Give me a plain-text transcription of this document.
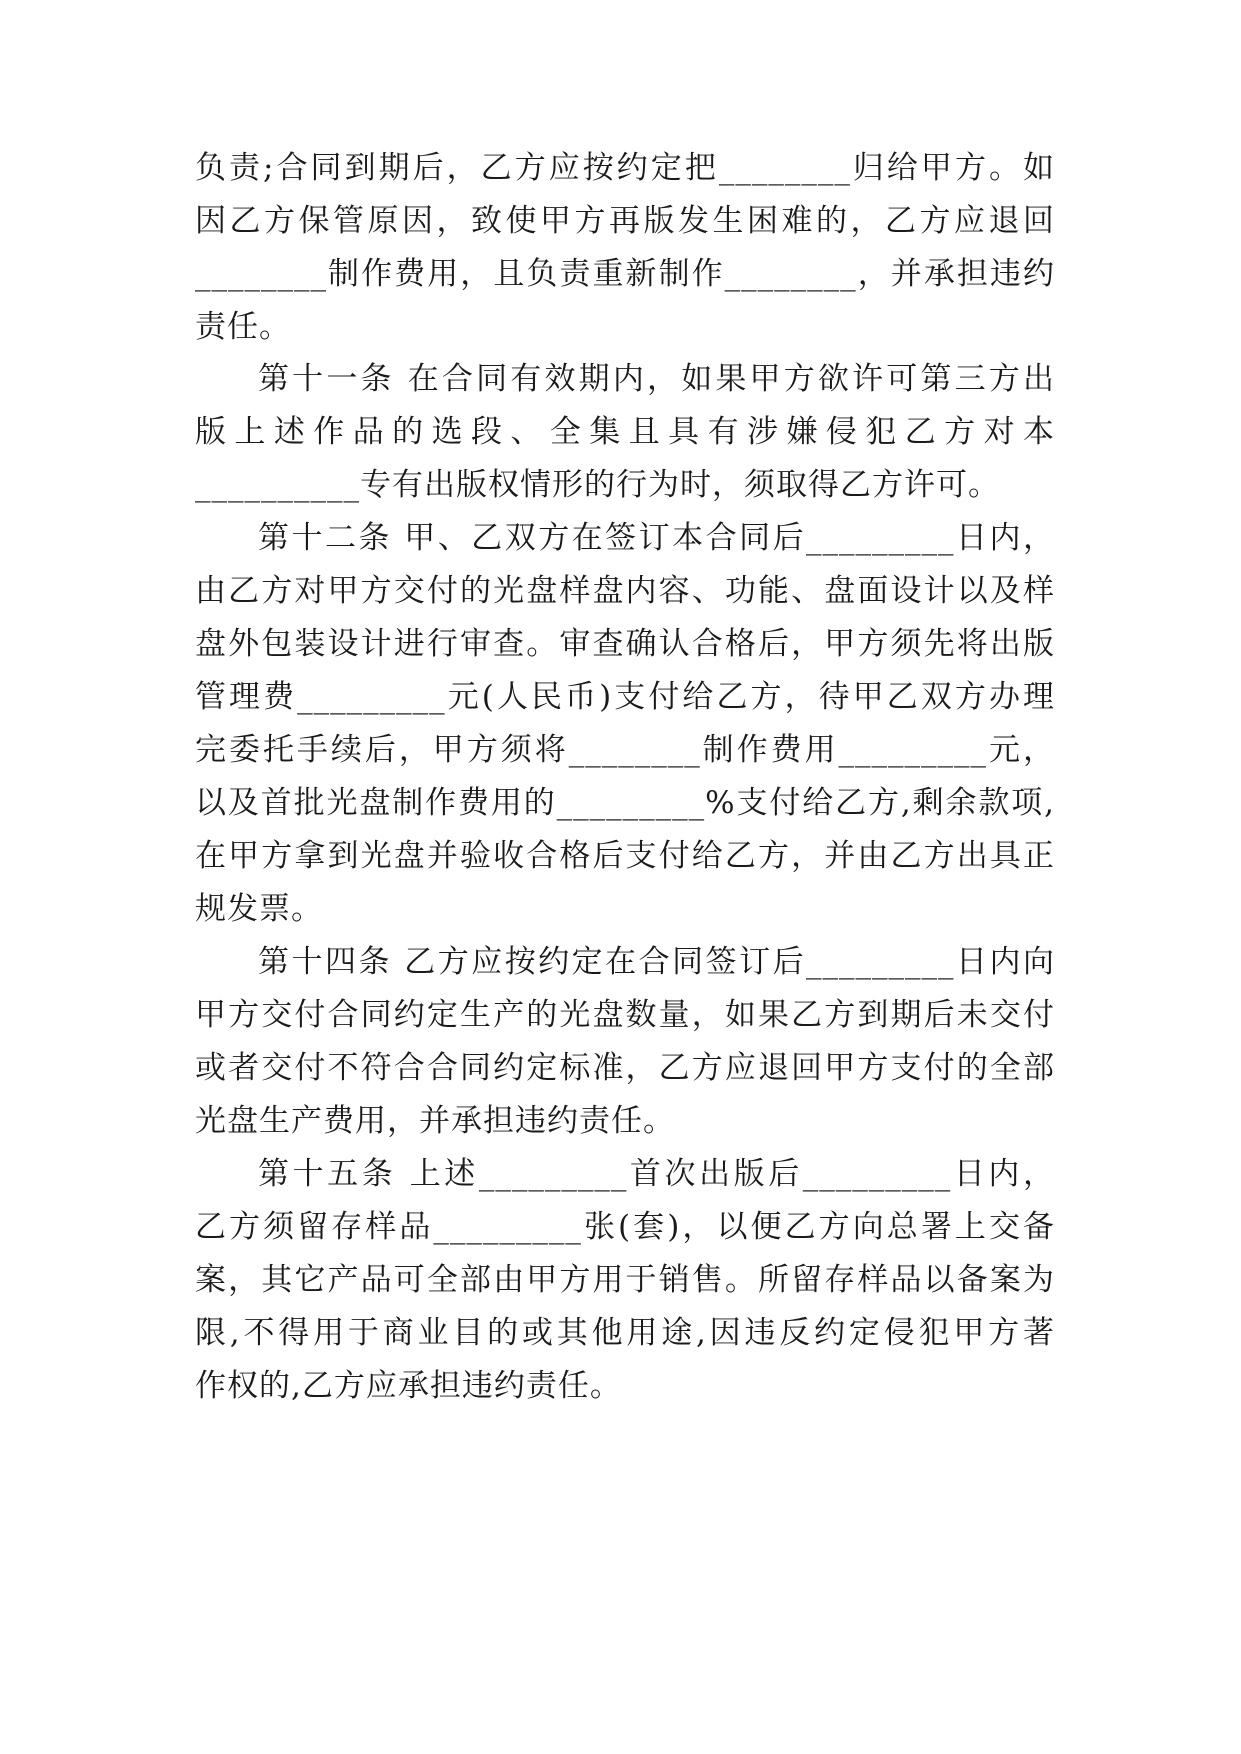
负责;合同到期后，乙方应按约定把________归给甲方。如
因乙方保管原因，致使甲方再版发生困难的，乙方应退回
________制作费用，且负责重新制作________，并承担违约
责任。
第十一条 在合同有效期内，如果甲方欲许可第三方出
版上述作品的选段、全集且具有涉嫌侵犯乙方对本
__________专有出版权情形的行为时，须取得乙方许可。
第十二条 甲、乙双方在签订本合同后_________日内，
由乙方对甲方交付的光盘样盘内容、功能、盘面设计以及样
盘外包装设计进行审查。审查确认合格后，甲方须先将出版
管理费_________元(人民币)支付给乙方，待甲乙双方办理
完委托手续后，甲方须将________制作费用_________元，
以及首批光盘制作费用的_________%支付给乙方,剩余款项,
在甲方拿到光盘并验收合格后支付给乙方，并由乙方出具正
规发票。
第十四条 乙方应按约定在合同签订后_________日内向
甲方交付合同约定生产的光盘数量，如果乙方到期后未交付
或者交付不符合合同约定标准，乙方应退回甲方支付的全部
光盘生产费用，并承担违约责任。
第十五条 上述_________首次出版后_________日内，
乙方须留存样品_________张(套)，以便乙方向总署上交备
案，其它产品可全部由甲方用于销售。所留存样品以备案为
限,不得用于商业目的或其他用途,因违反约定侵犯甲方著
作权的,乙方应承担违约责任。
